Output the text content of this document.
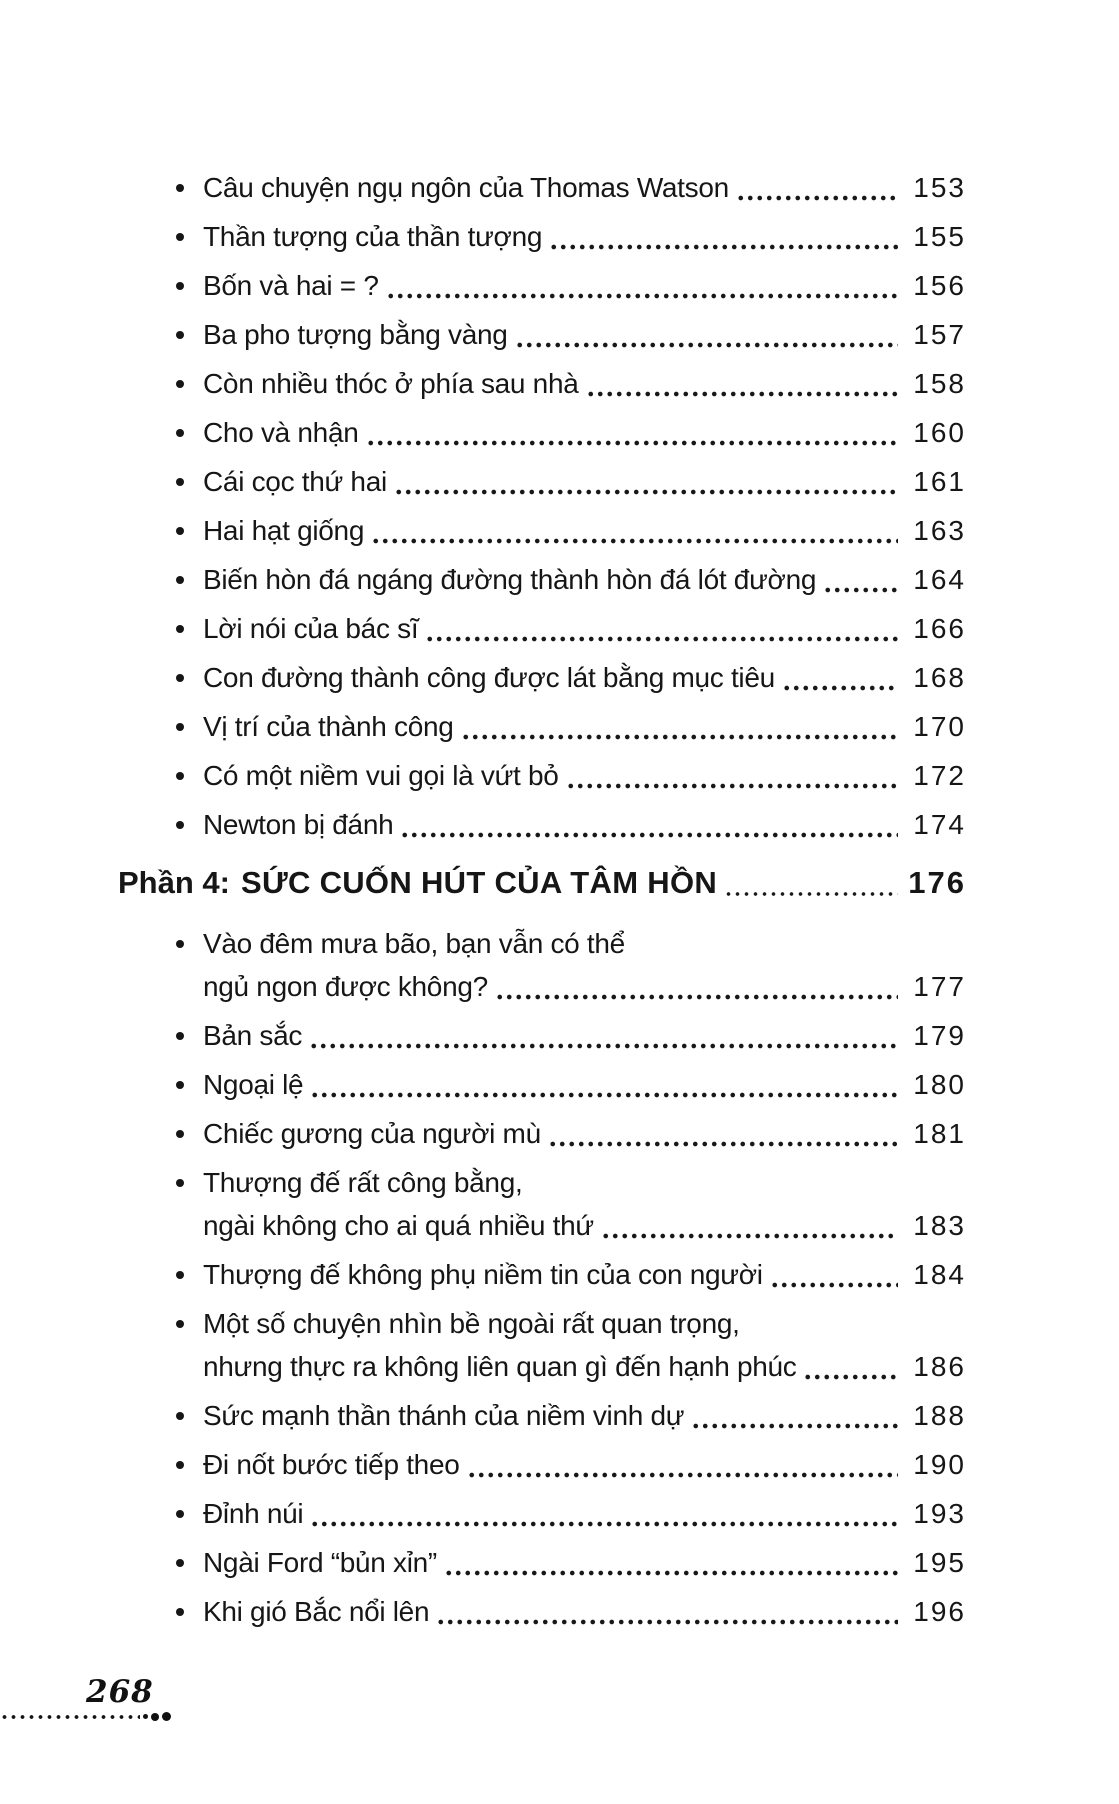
Câu chuyện ngụ ngôn của Thomas Watson	153
Thần tượng của thần tượng	155
Bốn và hai = ?	156
Ba pho tượng bằng vàng	157
Còn nhiều thóc ở phía sau nhà	158
Cho và nhận	160
Cái cọc thứ hai	161
Hai hạt giống	163
Biến hòn đá ngáng đường thành hòn đá lót đường	164
Lời nói của bác sĩ	166
Con đường thành công được lát bằng mục tiêu	168
Vị trí của thành công	170
Có một niềm vui gọi là vứt bỏ	172
Newton bị đánh	174
Phần 4: SỨC CUỐN HÚT CỦA TÂM HỒN	176
Vào đêm mưa bão, bạn vẫn có thể
ngủ ngon được không?	177
Bản sắc	179
Ngoại lệ	180
Chiếc gương của người mù	181
Thượng đế rất công bằng,
ngài không cho ai quá nhiều thứ	183
Thượng đế không phụ niềm tin của con người	184
Một số chuyện nhìn bề ngoài rất quan trọng,
nhưng thực ra không liên quan gì đến hạnh phúc	186
Sức mạnh thần thánh của niềm vinh dự	188
Đi nốt bước tiếp theo	190
Đỉnh núi	193
Ngài Ford “bủn xỉn”	195
Khi gió Bắc nổi lên	196
268
